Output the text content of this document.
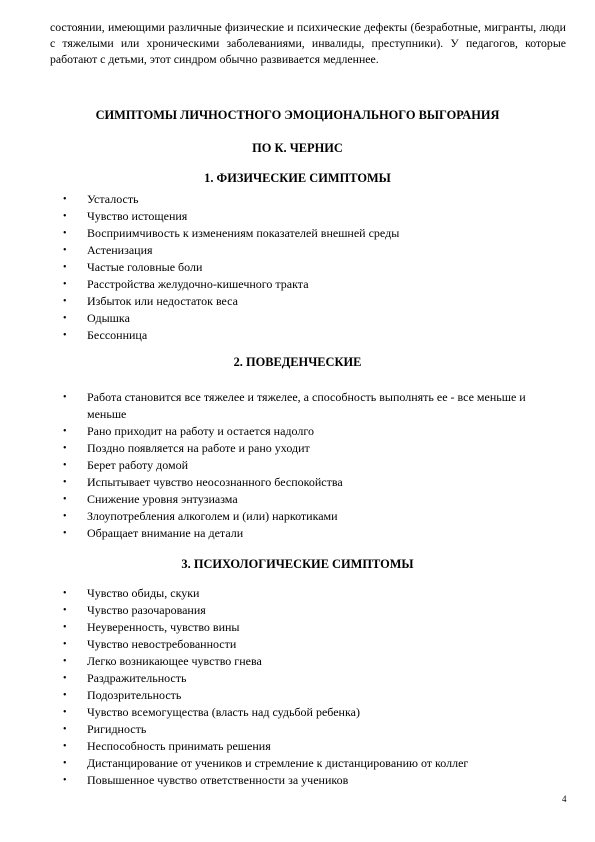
состоянии, имеющими различные физические и психические дефекты (безработные, мигранты, люди с тяжелыми или хроническими заболеваниями, инвалиды, преступники). У педагогов, которые работают с детьми, этот синдром обычно развивается медленнее.

СИМПТОМЫ ЛИЧНОСТНОГО ЭМОЦИОНАЛЬНОГО ВЫГОРАНИЯ
ПО К. ЧЕРНИС
1. ФИЗИЧЕСКИЕ СИМПТОМЫ
• Усталость
• Чувство истощения
• Восприимчивость к изменениям показателей внешней среды
• Астенизация
• Частые головные боли
• Расстройства желудочно-кишечного тракта
• Избыток или недостаток веса
• Одышка
• Бессонница
2. ПОВЕДЕНЧЕСКИЕ
• Работа становится все тяжелее и тяжелее, а способность выполнять ее - все меньше и меньше
• Рано приходит на работу и остается надолго
• Поздно появляется на работе и рано уходит
• Берет работу домой
• Испытывает чувство неосознанного беспокойства
• Снижение уровня энтузиазма
• Злоупотребления алкоголем и (или) наркотиками
• Обращает внимание на детали
3. ПСИХОЛОГИЧЕСКИЕ СИМПТОМЫ
• Чувство обиды, скуки
• Чувство разочарования
• Неуверенность, чувство вины
• Чувство невостребованности
• Легко возникающее чувство гнева
• Раздражительность
• Подозрительность
• Чувство всемогущества (власть над судьбой ребенка)
• Ригидность
• Неспособность принимать решения
• Дистанцирование от учеников и стремление к дистанцированию от коллег
• Повышенное чувство ответственности за учеников
4
